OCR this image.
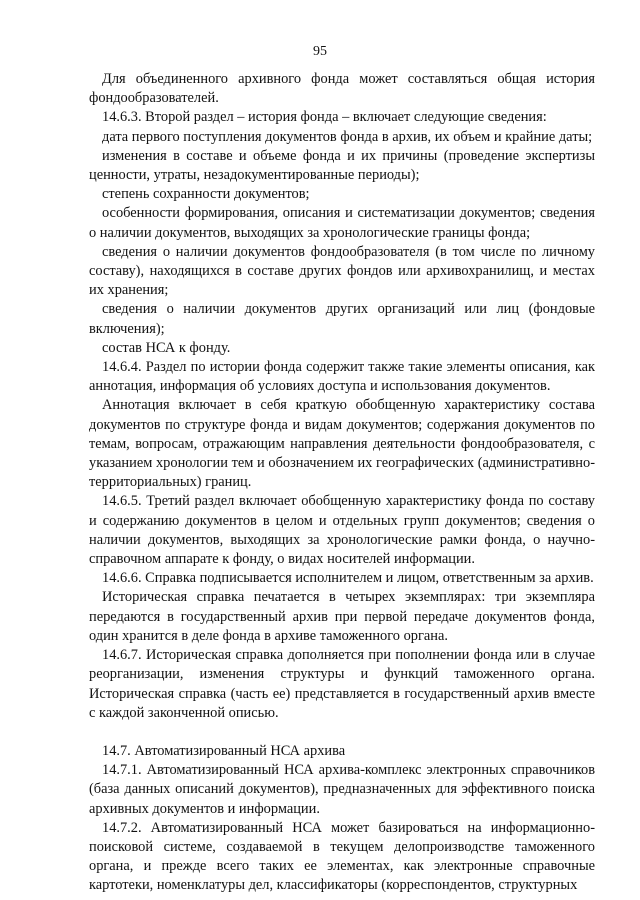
95

Для объединенного архивного фонда может составляться общая история фондообразователей.

14.6.3. Второй раздел – история фонда – включает следующие сведения:

дата первого поступления документов фонда в архив, их объем и крайние даты;

изменения в составе и объеме фонда и их причины (проведение экспертизы ценности, утраты, незадокументированные периоды);

степень сохранности документов;

особенности формирования, описания и систематизации документов; сведения о наличии документов, выходящих за хронологические границы фонда;

сведения о наличии документов фондообразователя (в том числе по личному составу), находящихся в составе других фондов или архивохранилищ, и местах их хранения;

сведения о наличии документов других организаций или лиц (фондовые включения);

состав НСА к фонду.

14.6.4. Раздел по истории фонда содержит также такие элементы описания, как аннотация, информация об условиях доступа и использования документов.

Аннотация включает в себя краткую обобщенную характеристику состава документов по структуре фонда и видам документов; содержания документов по темам, вопросам, отражающим направления деятельности фондообразователя, с указанием хронологии тем и обозначением их географических (административно-территориальных) границ.

14.6.5. Третий раздел включает обобщенную характеристику фонда по составу и содержанию документов в целом и отдельных групп документов; сведения о наличии документов, выходящих за хронологические рамки фонда, о научно-справочном аппарате к фонду, о видах носителей информации.

14.6.6. Справка подписывается исполнителем и лицом, ответственным за архив.

Историческая справка печатается в четырех экземплярах: три экземпляра передаются в государственный архив при первой передаче документов фонда, один хранится в деле фонда в архиве таможенного органа.

14.6.7. Историческая справка дополняется при пополнении фонда или в случае реорганизации, изменения структуры и функций таможенного органа. Историческая справка (часть ее) представляется в государственный архив вместе с каждой законченной описью.

14.7. Автоматизированный НСА архива

14.7.1. Автоматизированный НСА архива-комплекс электронных справочников (база данных описаний документов), предназначенных для эффективного поиска архивных документов и информации.

14.7.2. Автоматизированный НСА может базироваться на информационно-поисковой системе, создаваемой в текущем делопроизводстве таможенного органа, и прежде всего таких ее элементах, как электронные справочные картотеки, номенклатуры дел, классификаторы (корреспондентов, структурных
